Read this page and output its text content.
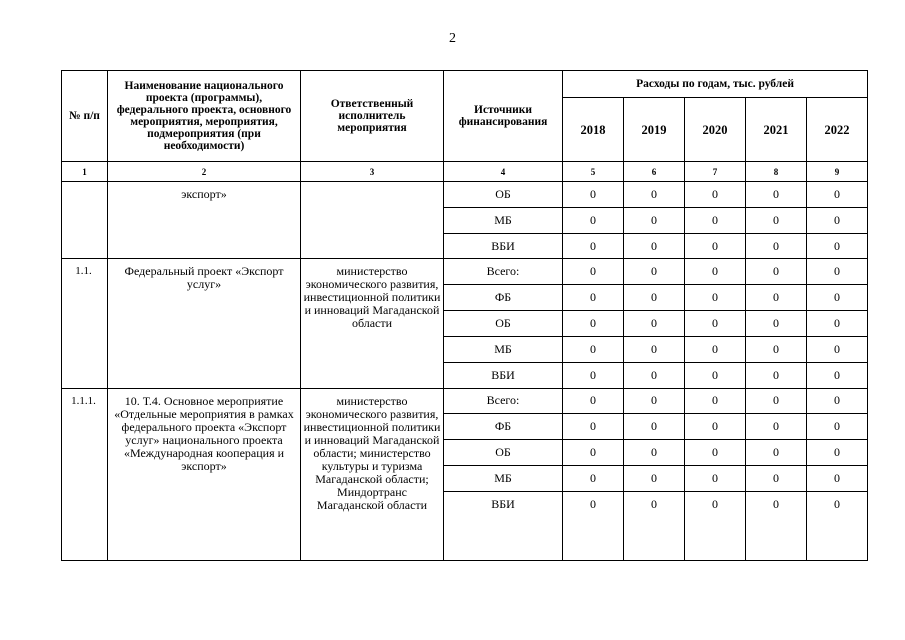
2
№ п/п	Наименование национального проекта (программы), федерального проекта, основного мероприятия, мероприятия, подмероприятия (при необходимости)	Ответственный исполнитель мероприятия	Источники финансирования	Расходы по годам, тыс. рублей				
				2018	2019	2020	2021	2022
1	2	3	4	5	6	7	8	9
	экспорт»		ОБ	0	0	0	0	0
			МБ	0	0	0	0	0
			ВБИ	0	0	0	0	0
1.1.	Федеральный проект «Экспорт услуг»	министерство экономического развития, инвестиционной политики и инноваций Магаданской области	Всего:	0	0	0	0	0
			ФБ	0	0	0	0	0
			ОБ	0	0	0	0	0
			МБ	0	0	0	0	0
			ВБИ	0	0	0	0	0
1.1.1.	10. Т.4. Основное мероприятие «Отдельные мероприятия в рамках федерального проекта «Экспорт услуг» национального проекта «Международная кооперация и экспорт»	министерство экономического развития, инвестиционной политики и инноваций Магаданской области; министерство культуры и туризма Магаданской области; Миндортранс Магаданской области	Всего:	0	0	0	0	0
			ФБ	0	0	0	0	0
			ОБ	0	0	0	0	0
			МБ	0	0	0	0	0
			ВБИ	0	0	0	0	0
